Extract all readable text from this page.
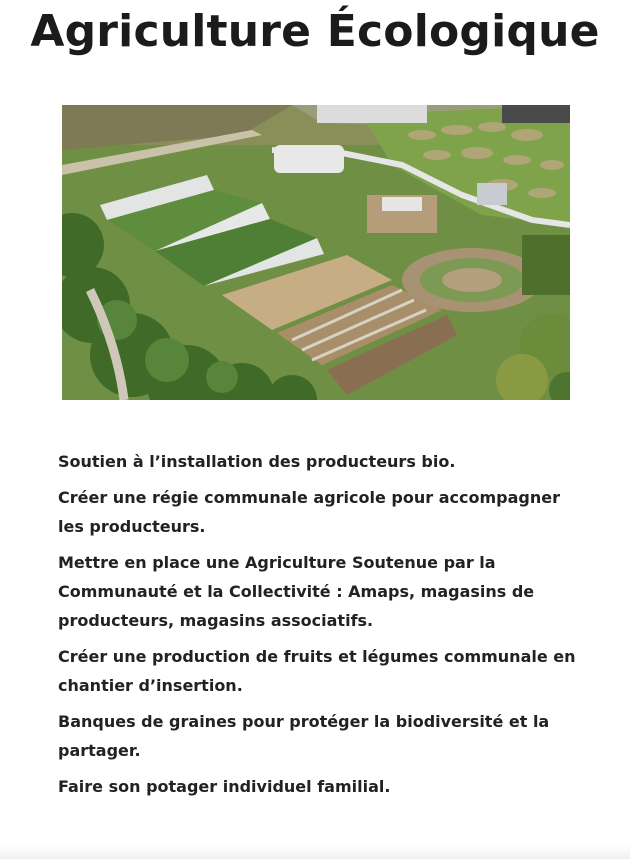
Agriculture Écologique
Soutien à l’installation des producteurs bio.
Créer une régie communale agricole pour accompagner les producteurs.
Mettre en place une Agriculture Soutenue par la Communauté et la Collectivité : Amaps, magasins de producteurs, magasins associatifs.
Créer une production de fruits et légumes communale en chantier d’insertion.
Banques de graines pour protéger la biodiversité et la partager.
Faire son potager individuel familial.
